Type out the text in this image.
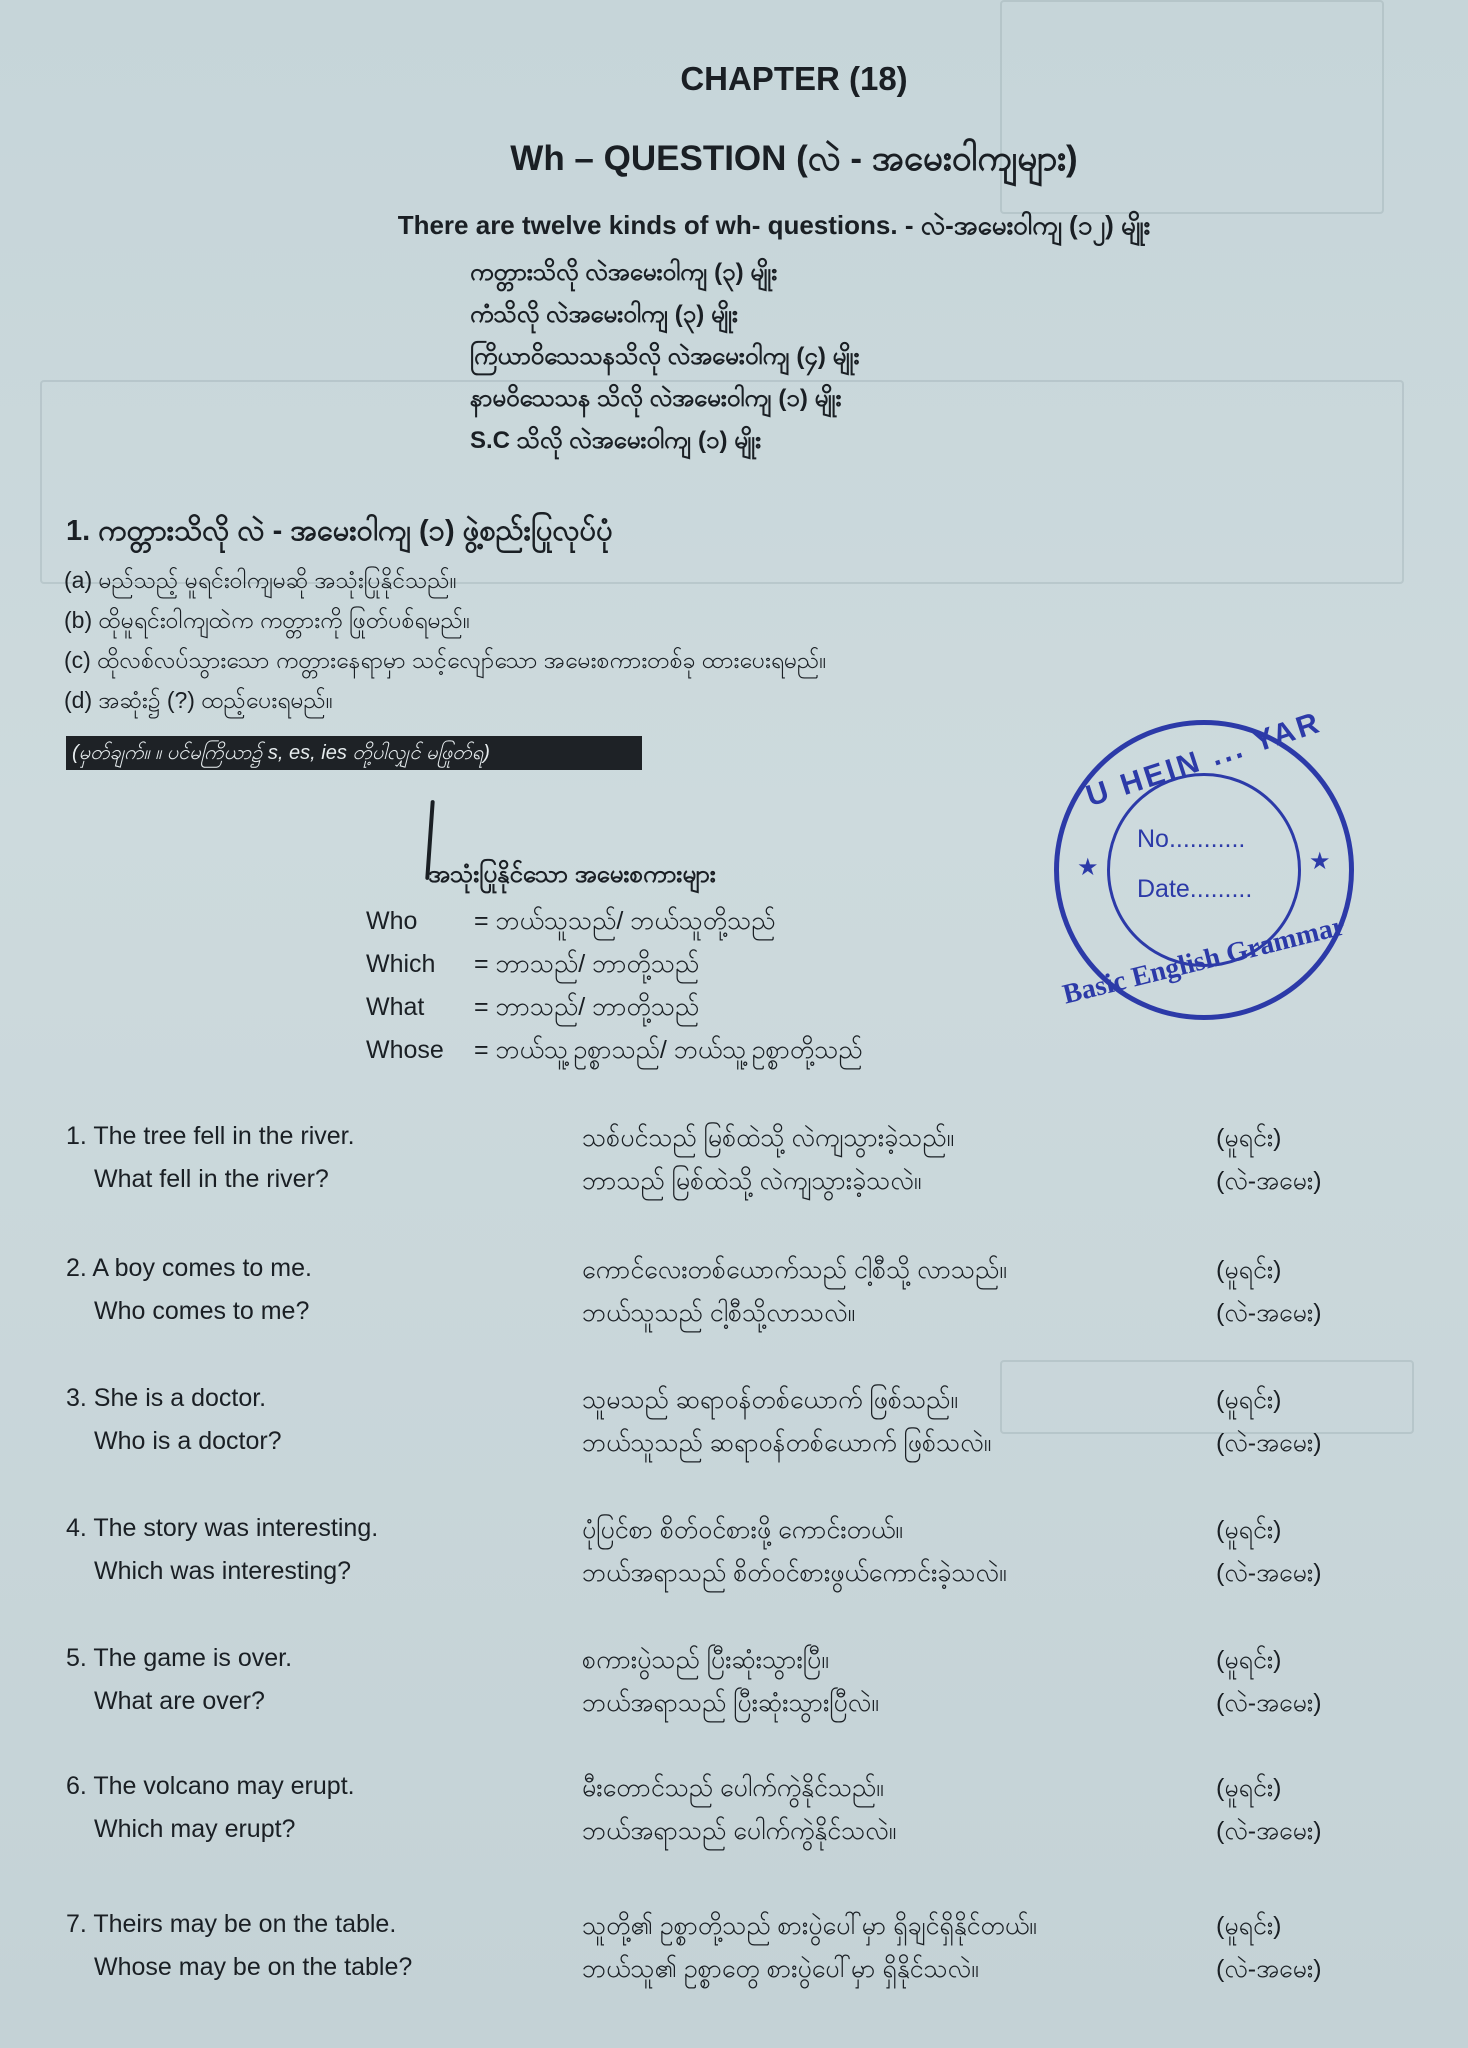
CHAPTER (18)
Wh – QUESTION (လဲ - အမေးဝါကျများ)
There are twelve kinds of wh- questions. - လဲ-အမေးဝါကျ (၁၂) မျိုး
ကတ္တားသိလို လဲအမေးဝါကျ (၃) မျိုး
ကံသိလို လဲအမေးဝါကျ (၃) မျိုး
ကြိယာဝိသေသနသိလို လဲအမေးဝါကျ (၄) မျိုး
နာမဝိသေသန သိလို လဲအမေးဝါကျ (၁) မျိုး
S.C သိလို လဲအမေးဝါကျ (၁) မျိုး
1. ကတ္တားသိလို လဲ - အမေးဝါကျ (၁) ဖွဲ့စည်းပြုလုပ်ပုံ
(a) မည်သည့် မူရင်းဝါကျမဆို အသုံးပြုနိုင်သည်။
(b) ထိုမူရင်းဝါကျထဲက ကတ္တားကို ဖြုတ်ပစ်ရမည်။
(c) ထိုလစ်လပ်သွားသော ကတ္တားနေရာမှာ သင့်လျော်သော အမေးစကားတစ်ခု ထားပေးရမည်။
(d) အဆုံး၌ (?) ထည့်ပေးရမည်။
(မှတ်ချက်။ ။ ပင်မကြိယာ၌ s, es, ies တို့ပါလျှင် မဖြုတ်ရ)
အသုံးပြုနိုင်သော အမေးစကားများ
Who	= ဘယ်သူသည်/ ဘယ်သူတို့သည်
Which	= ဘာသည်/ ဘာတို့သည်
What	= ဘာသည်/ ဘာတို့သည်
Whose	= ဘယ်သူ့ဥစ္စာသည်/ ဘယ်သူ့ဥစ္စာတို့သည်
U HEIN ... YAR
★	★
No...........
Date.........
Basic English Grammar
1. The tree fell in the river.	သစ်ပင်သည် မြစ်ထဲသို့ လဲကျသွားခဲ့သည်။	(မူရင်း)
What fell in the river?	ဘာသည် မြစ်ထဲသို့ လဲကျသွားခဲ့သလဲ။	(လဲ-အမေး)
2. A boy comes to me.	ကောင်လေးတစ်ယောက်သည် ငါ့စီသို့ လာသည်။	(မူရင်း)
Who comes to me?	ဘယ်သူသည် ငါ့စီသို့လာသလဲ။	(လဲ-အမေး)
3. She is a doctor.	သူမသည် ဆရာဝန်တစ်ယောက် ဖြစ်သည်။	(မူရင်း)
Who is a doctor?	ဘယ်သူသည် ဆရာဝန်တစ်ယောက် ဖြစ်သလဲ။	(လဲ-အမေး)
4. The story was interesting.	ပုံပြင်စာ စိတ်ဝင်စားဖို့ ကောင်းတယ်။	(မူရင်း)
Which was interesting?	ဘယ်အရာသည် စိတ်ဝင်စားဖွယ်ကောင်းခဲ့သလဲ။	(လဲ-အမေး)
5. The game is over.	စကားပွဲသည် ပြီးဆုံးသွားပြီ။	(မူရင်း)
What are over?	ဘယ်အရာသည် ပြီးဆုံးသွားပြီလဲ။	(လဲ-အမေး)
6. The volcano may erupt.	မီးတောင်သည် ပေါက်ကွဲနိုင်သည်။	(မူရင်း)
Which may erupt?	ဘယ်အရာသည် ပေါက်ကွဲနိုင်သလဲ။	(လဲ-အမေး)
7. Theirs may be on the table.	သူတို့၏ ဥစ္စာတို့သည် စားပွဲပေါ်မှာ ရှိချင်ရှိနိုင်တယ်။	(မူရင်း)
Whose may be on the table?	ဘယ်သူ၏ ဥစ္စာတွေ စားပွဲပေါ်မှာ ရှိနိုင်သလဲ။	(လဲ-အမေး)
